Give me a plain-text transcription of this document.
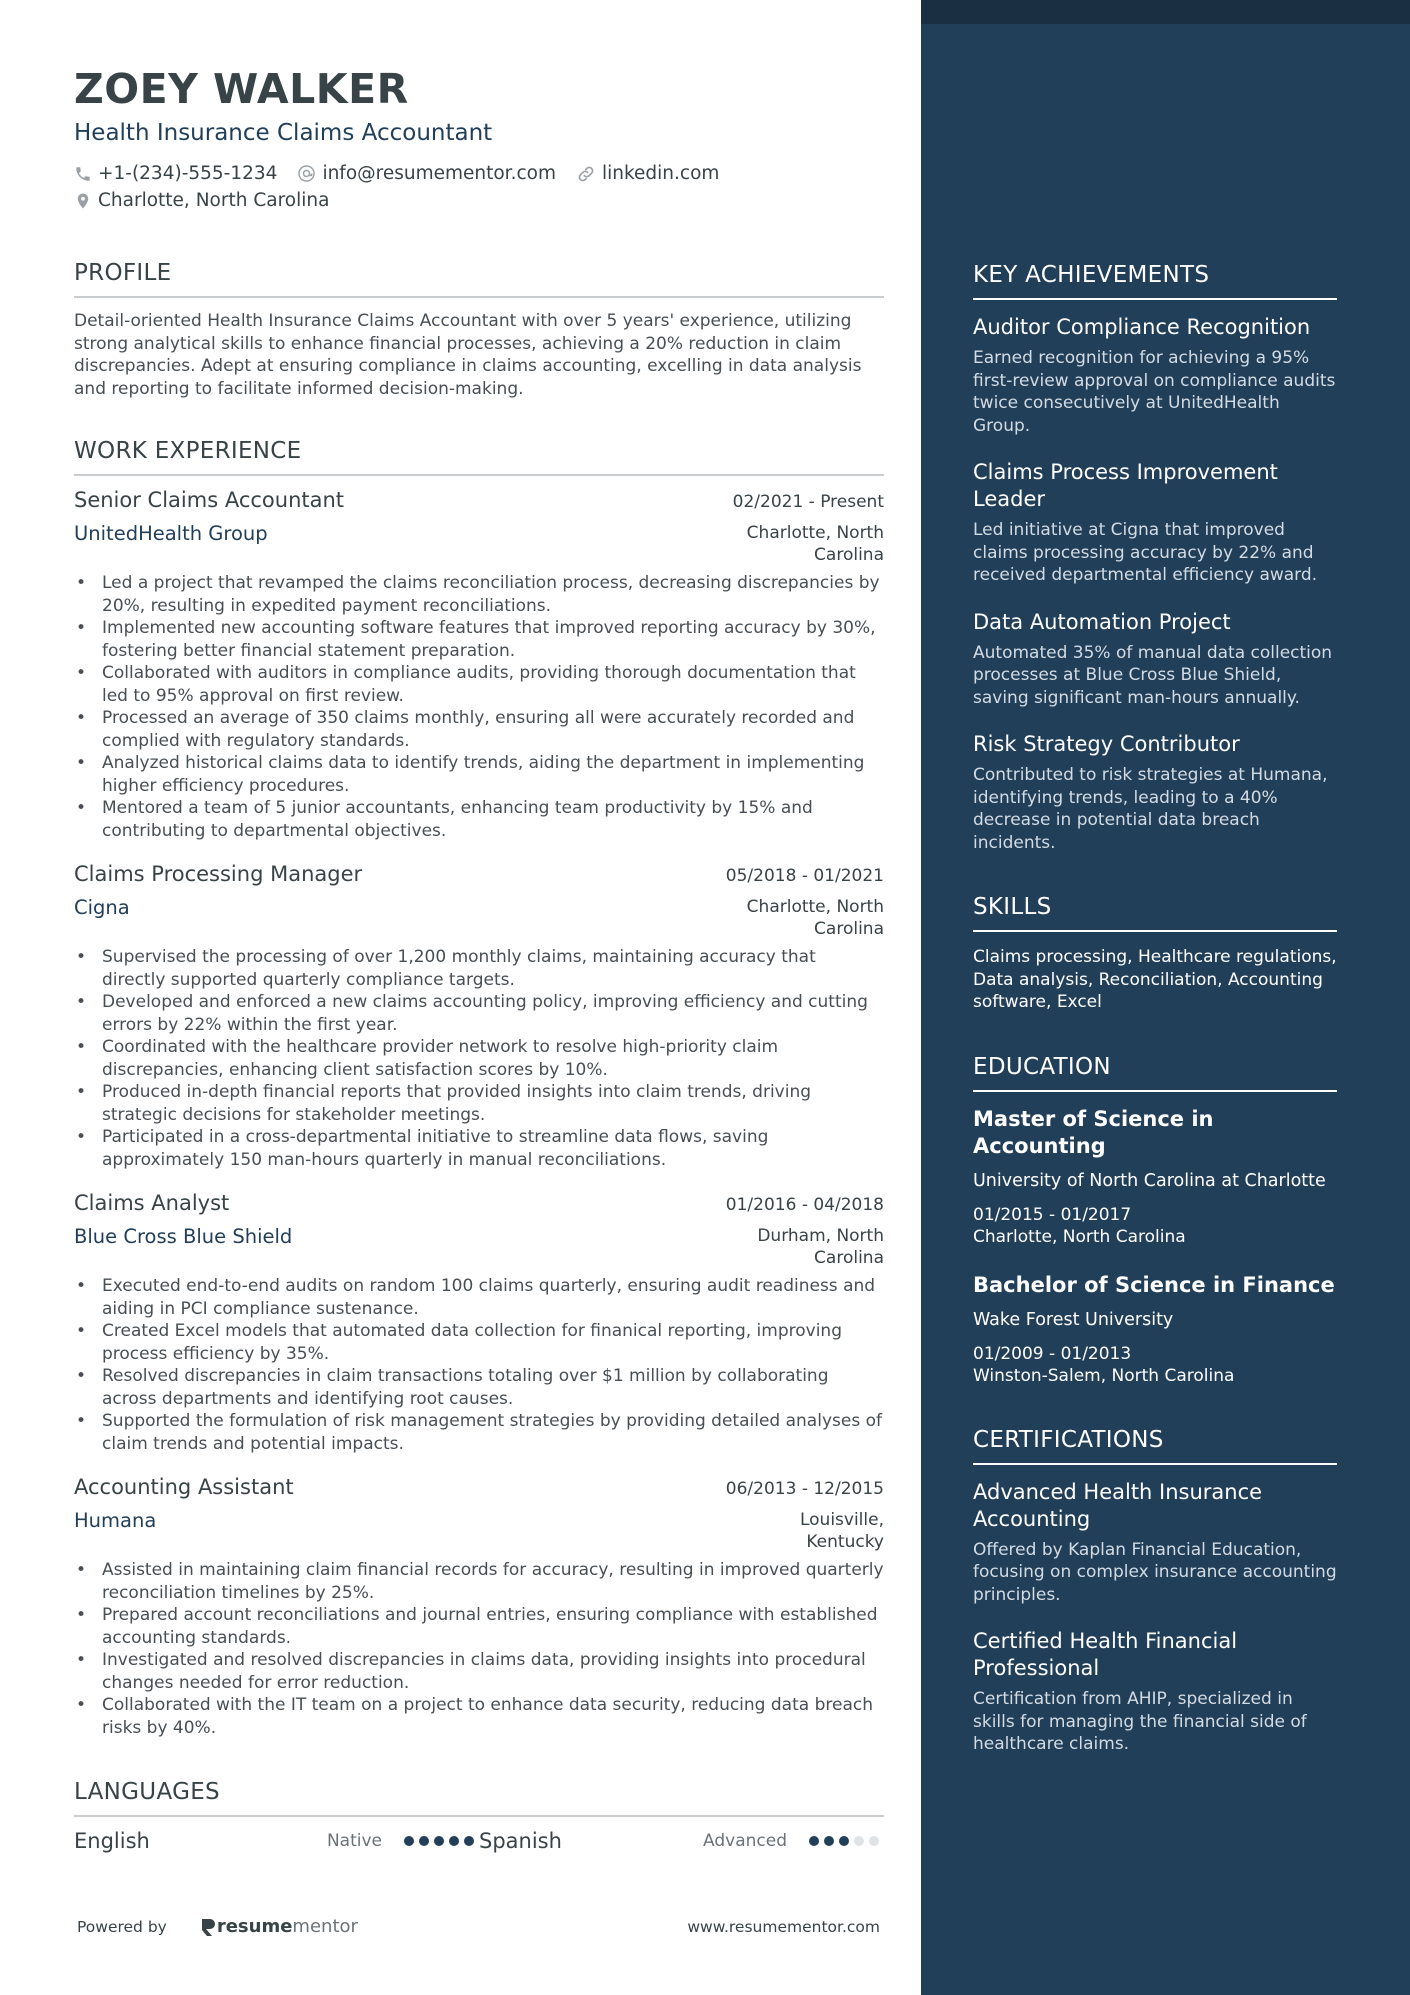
ZOEY WALKER
Health Insurance Claims Accountant
+1-(234)-555-1234 info@resumementor.com linkedin.com
Charlotte, North Carolina
PROFILE

Detail-oriented Health Insurance Claims Accountant with over 5 years' experience, utilizing strong analytical skills to enhance financial processes, achieving a 20% reduction in claim discrepancies. Adept at ensuring compliance in claims accounting, excelling in data analysis and reporting to facilitate informed decision-making.

WORK EXPERIENCE
Senior Claims Accountant	02/2021 - Present
UnitedHealth Group	Charlotte, North Carolina
• Led a project that revamped the claims reconciliation process, decreasing discrepancies by 20%, resulting in expedited payment reconciliations.
• Implemented new accounting software features that improved reporting accuracy by 30%, fostering better financial statement preparation.
• Collaborated with auditors in compliance audits, providing thorough documentation that led to 95% approval on first review.
• Processed an average of 350 claims monthly, ensuring all were accurately recorded and complied with regulatory standards.
• Analyzed historical claims data to identify trends, aiding the department in implementing higher efficiency procedures.
• Mentored a team of 5 junior accountants, enhancing team productivity by 15% and contributing to departmental objectives.
Claims Processing Manager	05/2018 - 01/2021
Cigna	Charlotte, North Carolina
• Supervised the processing of over 1,200 monthly claims, maintaining accuracy that directly supported quarterly compliance targets.
• Developed and enforced a new claims accounting policy, improving efficiency and cutting errors by 22% within the first year.
• Coordinated with the healthcare provider network to resolve high-priority claim discrepancies, enhancing client satisfaction scores by 10%.
• Produced in-depth financial reports that provided insights into claim trends, driving strategic decisions for stakeholder meetings.
• Participated in a cross-departmental initiative to streamline data flows, saving approximately 150 man-hours quarterly in manual reconciliations.
Claims Analyst	01/2016 - 04/2018
Blue Cross Blue Shield	Durham, North Carolina
• Executed end-to-end audits on random 100 claims quarterly, ensuring audit readiness and aiding in PCI compliance sustenance.
• Created Excel models that automated data collection for finanical reporting, improving process efficiency by 35%.
• Resolved discrepancies in claim transactions totaling over $1 million by collaborating across departments and identifying root causes.
• Supported the formulation of risk management strategies by providing detailed analyses of claim trends and potential impacts.
Accounting Assistant	06/2013 - 12/2015
Humana	Louisville, Kentucky
• Assisted in maintaining claim financial records for accuracy, resulting in improved quarterly reconciliation timelines by 25%.
• Prepared account reconciliations and journal entries, ensuring compliance with established accounting standards.
• Investigated and resolved discrepancies in claims data, providing insights into procedural changes needed for error reduction.
• Collaborated with the IT team on a project to enhance data security, reducing data breach risks by 40%.
LANGUAGES
English	Native	Spanish	Advanced
Powered by	resume mentor	www.resumementor.com
KEY ACHIEVEMENTS
Auditor Compliance Recognition
Earned recognition for achieving a 95% first-review approval on compliance audits twice consecutively at UnitedHealth Group.
Claims Process Improvement Leader
Led initiative at Cigna that improved claims processing accuracy by 22% and received departmental efficiency award.
Data Automation Project
Automated 35% of manual data collection processes at Blue Cross Blue Shield, saving significant man-hours annually.
Risk Strategy Contributor
Contributed to risk strategies at Humana, identifying trends, leading to a 40% decrease in potential data breach incidents.
SKILLS

Claims processing, Healthcare regulations, Data analysis, Reconciliation, Accounting software, Excel

EDUCATION
Master of Science in Accounting
University of North Carolina at Charlotte
01/2015 - 01/2017
Charlotte, North Carolina
Bachelor of Science in Finance
Wake Forest University
01/2009 - 01/2013
Winston-Salem, North Carolina
CERTIFICATIONS
Advanced Health Insurance Accounting
Offered by Kaplan Financial Education, focusing on complex insurance accounting principles.
Certified Health Financial Professional
Certification from AHIP, specialized in skills for managing the financial side of healthcare claims.
